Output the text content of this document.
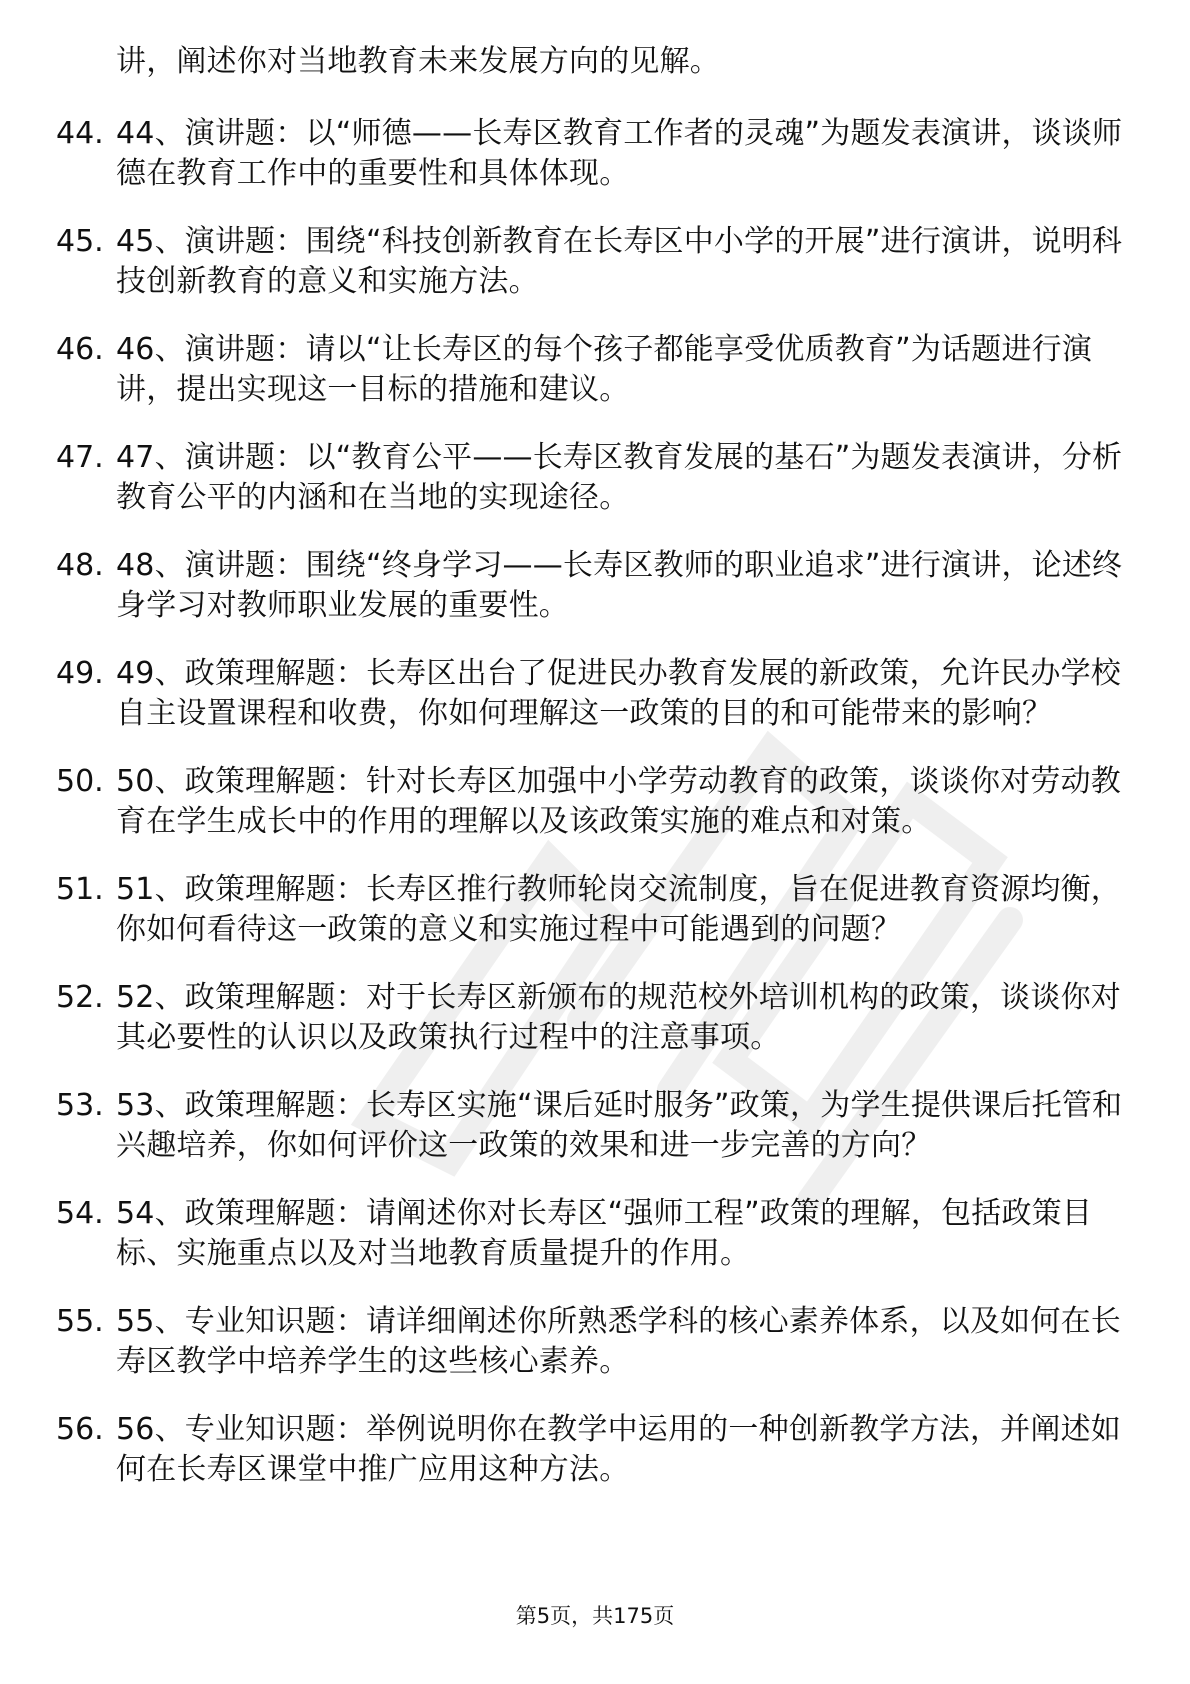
讲，阐述你对当地教育未来发展方向的见解。
44. 44、演讲题：以“师德——长寿区教育工作者的灵魂”为题发表演讲，谈谈师德在教育工作中的重要性和具体体现。
45. 45、演讲题：围绕“科技创新教育在长寿区中小学的开展”进行演讲，说明科技创新教育的意义和实施方法。
46. 46、演讲题：请以“让长寿区的每个孩子都能享受优质教育”为话题进行演讲，提出实现这一目标的措施和建议。
47. 47、演讲题：以“教育公平——长寿区教育发展的基石”为题发表演讲，分析教育公平的内涵和在当地的实现途径。
48. 48、演讲题：围绕“终身学习——长寿区教师的职业追求”进行演讲，论述终身学习对教师职业发展的重要性。
49. 49、政策理解题：长寿区出台了促进民办教育发展的新政策，允许民办学校自主设置课程和收费，你如何理解这一政策的目的和可能带来的影响？
50. 50、政策理解题：针对长寿区加强中小学劳动教育的政策，谈谈你对劳动教育在学生成长中的作用的理解以及该政策实施的难点和对策。
51. 51、政策理解题：长寿区推行教师轮岗交流制度，旨在促进教育资源均衡，你如何看待这一政策的意义和实施过程中可能遇到的问题？
52. 52、政策理解题：对于长寿区新颁布的规范校外培训机构的政策，谈谈你对其必要性的认识以及政策执行过程中的注意事项。
53. 53、政策理解题：长寿区实施“课后延时服务”政策，为学生提供课后托管和兴趣培养，你如何评价这一政策的效果和进一步完善的方向？
54. 54、政策理解题：请阐述你对长寿区“强师工程”政策的理解，包括政策目标、实施重点以及对当地教育质量提升的作用。
55. 55、专业知识题：请详细阐述你所熟悉学科的核心素养体系，以及如何在长寿区教学中培养学生的这些核心素养。
56. 56、专业知识题：举例说明你在教学中运用的一种创新教学方法，并阐述如何在长寿区课堂中推广应用这种方法。
第5页，共175页
